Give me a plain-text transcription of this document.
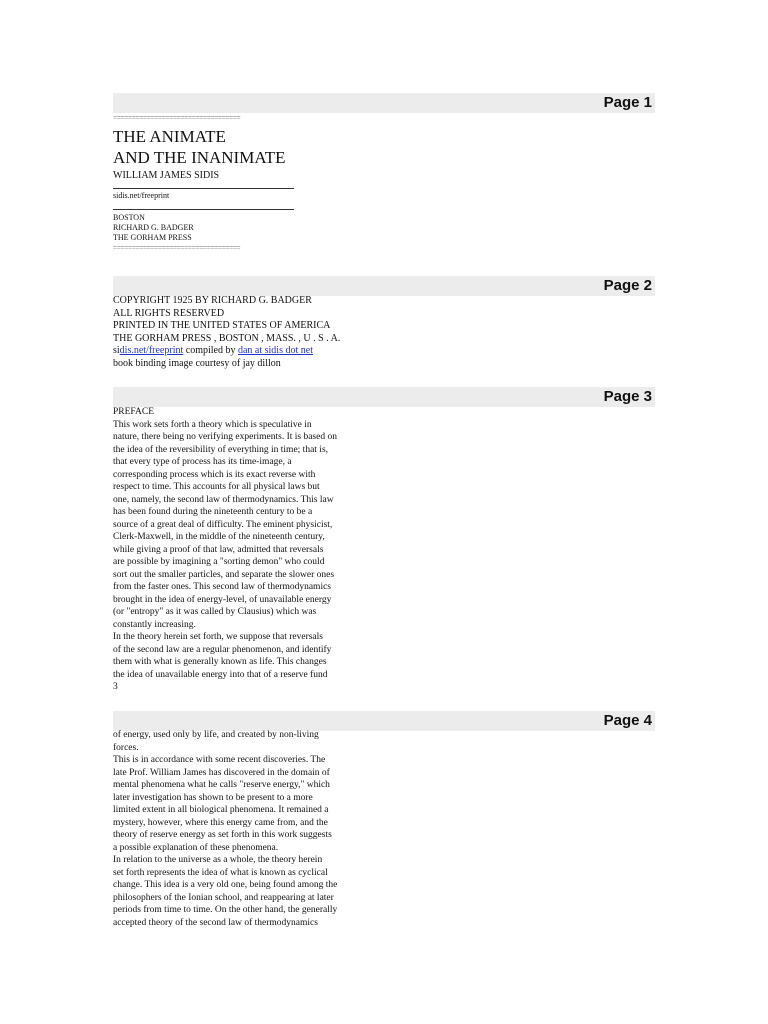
Page 1
==================================
THE ANIMATE
AND THE INANIMATE
WILLIAM JAMES SIDIS
sidis.net/freeprint
BOSTON
RICHARD G. BADGER
THE GORHAM PRESS
==================================
Page 2
COPYRIGHT 1925 BY RICHARD G. BADGER
ALL RIGHTS RESERVED
PRINTED IN THE UNITED STATES OF AMERICA
THE GORHAM PRESS , BOSTON , MASS. , U . S . A.
sidis.net/freeprint compiled by dan at sidis dot net
book binding image courtesy of jay dillon
Page 3
PREFACE
This work sets forth a theory which is speculative in
nature, there being no verifying experiments. It is based on
the idea of the reversibility of everything in time; that is,
that every type of process has its time-image, a
corresponding process which is its exact reverse with
respect to time. This accounts for all physical laws but
one, namely, the second law of thermodynamics. This law
has been found during the nineteenth century to be a
source of a great deal of difficulty. The eminent physicist,
Clerk-Maxwell, in the middle of the nineteenth century,
while giving a proof of that law, admitted that reversals
are possible by imagining a "sorting demon" who could
sort out the smaller particles, and separate the slower ones
from the faster ones. This second law of thermodynamics
brought in the idea of energy-level, of unavailable energy
(or "entropy" as it was called by Clausius) which was
constantly increasing.
In the theory herein set forth, we suppose that reversals
of the second law are a regular phenomenon, and identify
them with what is generally known as life. This changes
the idea of unavailable energy into that of a reserve fund
3
Page 4
of energy, used only by life, and created by non-living
forces.
This is in accordance with some recent discoveries. The
late Prof. William James has discovered in the domain of
mental phenomena what he calls "reserve energy," which
later investigation has shown to be present to a more
limited extent in all biological phenomena. It remained a
mystery, however, where this energy came from, and the
theory of reserve energy as set forth in this work suggests
a possible explanation of these phenomena.
In relation to the universe as a whole, the theory herein
set forth represents the idea of what is known as cyclical
change. This idea is a very old one, being found among the
philosophers of the Ionian school, and reappearing at later
periods from time to time. On the other hand, the generally
accepted theory of the second law of thermodynamics
